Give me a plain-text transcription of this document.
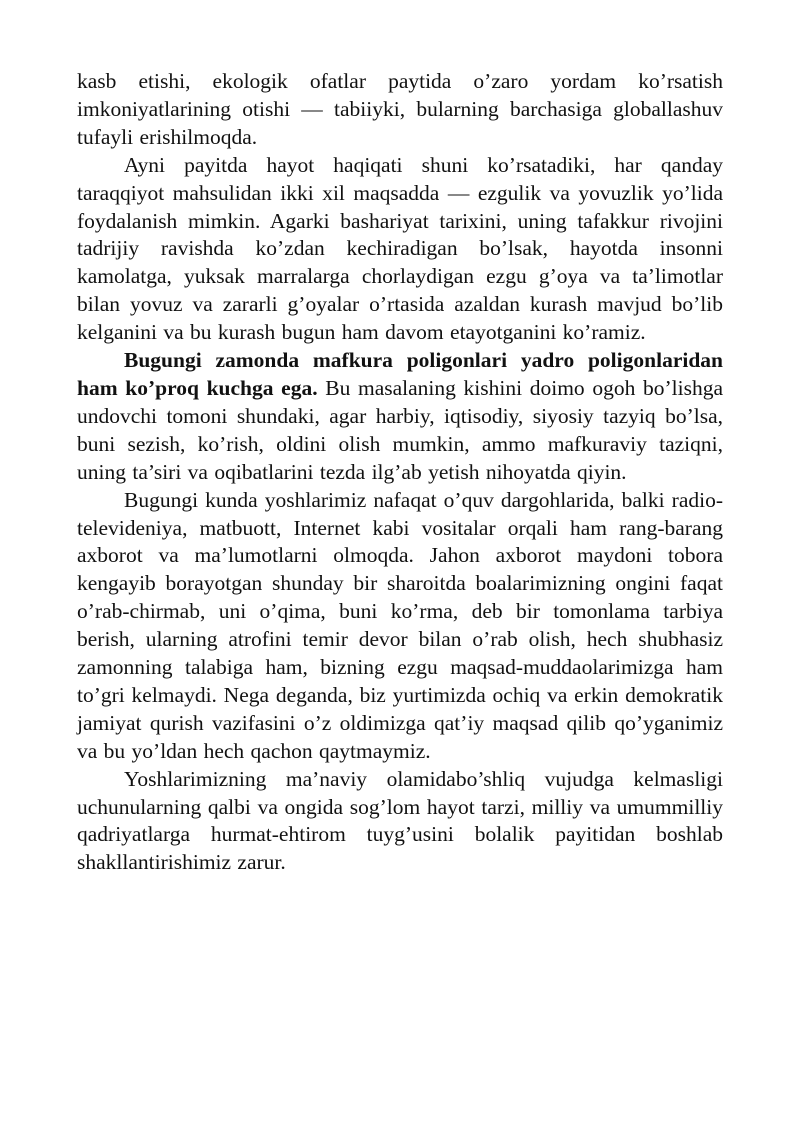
kasb etishi, ekologik ofatlar paytida o’zaro yordam ko’rsatish imkoniyatlarining otishi — tabiiyki, bularning barchasiga globallashuv tufayli erishilmoqda.

Ayni payitda hayot haqiqati shuni ko’rsatadiki, har qanday taraqqiyot mahsulidan ikki xil maqsadda — ezgulik va yovuzlik yo’lida foydalanish mimkin. Agarki bashariyat tarixini, uning tafakkur rivojini tadrijiy ravishda ko’zdan kechiradigan bo’lsak, hayotda insonni kamolatga, yuksak marralarga chorlaydigan ezgu g’oya va ta’limotlar bilan yovuz va zararli g’oyalar o’rtasida azaldan kurash mavjud bo’lib kelganini va bu kurash bugun ham davom etayotganini ko’ramiz.

Bugungi zamonda mafkura poligonlari yadro poligonlaridan ham ko’proq kuchga ega. Bu masalaning kishini doimo ogoh bo’lishga undovchi tomoni shundaki, agar harbiy, iqtisodiy, siyosiy tazyiq bo’lsa, buni sezish, ko’rish, oldini olish mumkin, ammo mafkuraviy taziqni, uning ta’siri va oqibatlarini tezda ilg’ab yetish nihoyatda qiyin.

Bugungi kunda yoshlarimiz nafaqat o’quv dargohlarida, balki radio-televideniya, matbuott, Internet kabi vositalar orqali ham rang-barang axborot va ma’lumotlarni olmoqda. Jahon axborot maydoni tobora kengayib borayotgan shunday bir sharoitda boalarimizning ongini faqat o’rab-chirmab, uni o’qima, buni ko’rma, deb bir tomonlama tarbiya berish, ularning atrofini temir devor bilan o’rab olish, hech shubhasiz zamonning talabiga ham, bizning ezgu maqsad-muddaolarimizga ham to’gri kelmaydi. Nega deganda, biz yurtimizda ochiq va erkin demokratik jamiyat qurish vazifasini o’z oldimizga qat’iy maqsad qilib qo’yganimiz va bu yo’ldan hech qachon qaytmaymiz.

Yoshlarimizning ma’naviy olamidabo’shliq vujudga kelmasligi uchunularning qalbi va ongida sog’lom hayot tarzi, milliy va umummilliy qadriyatlarga hurmat-ehtirom tuyg’usini bolalik payitidan boshlab shakllantirishimiz zarur.
